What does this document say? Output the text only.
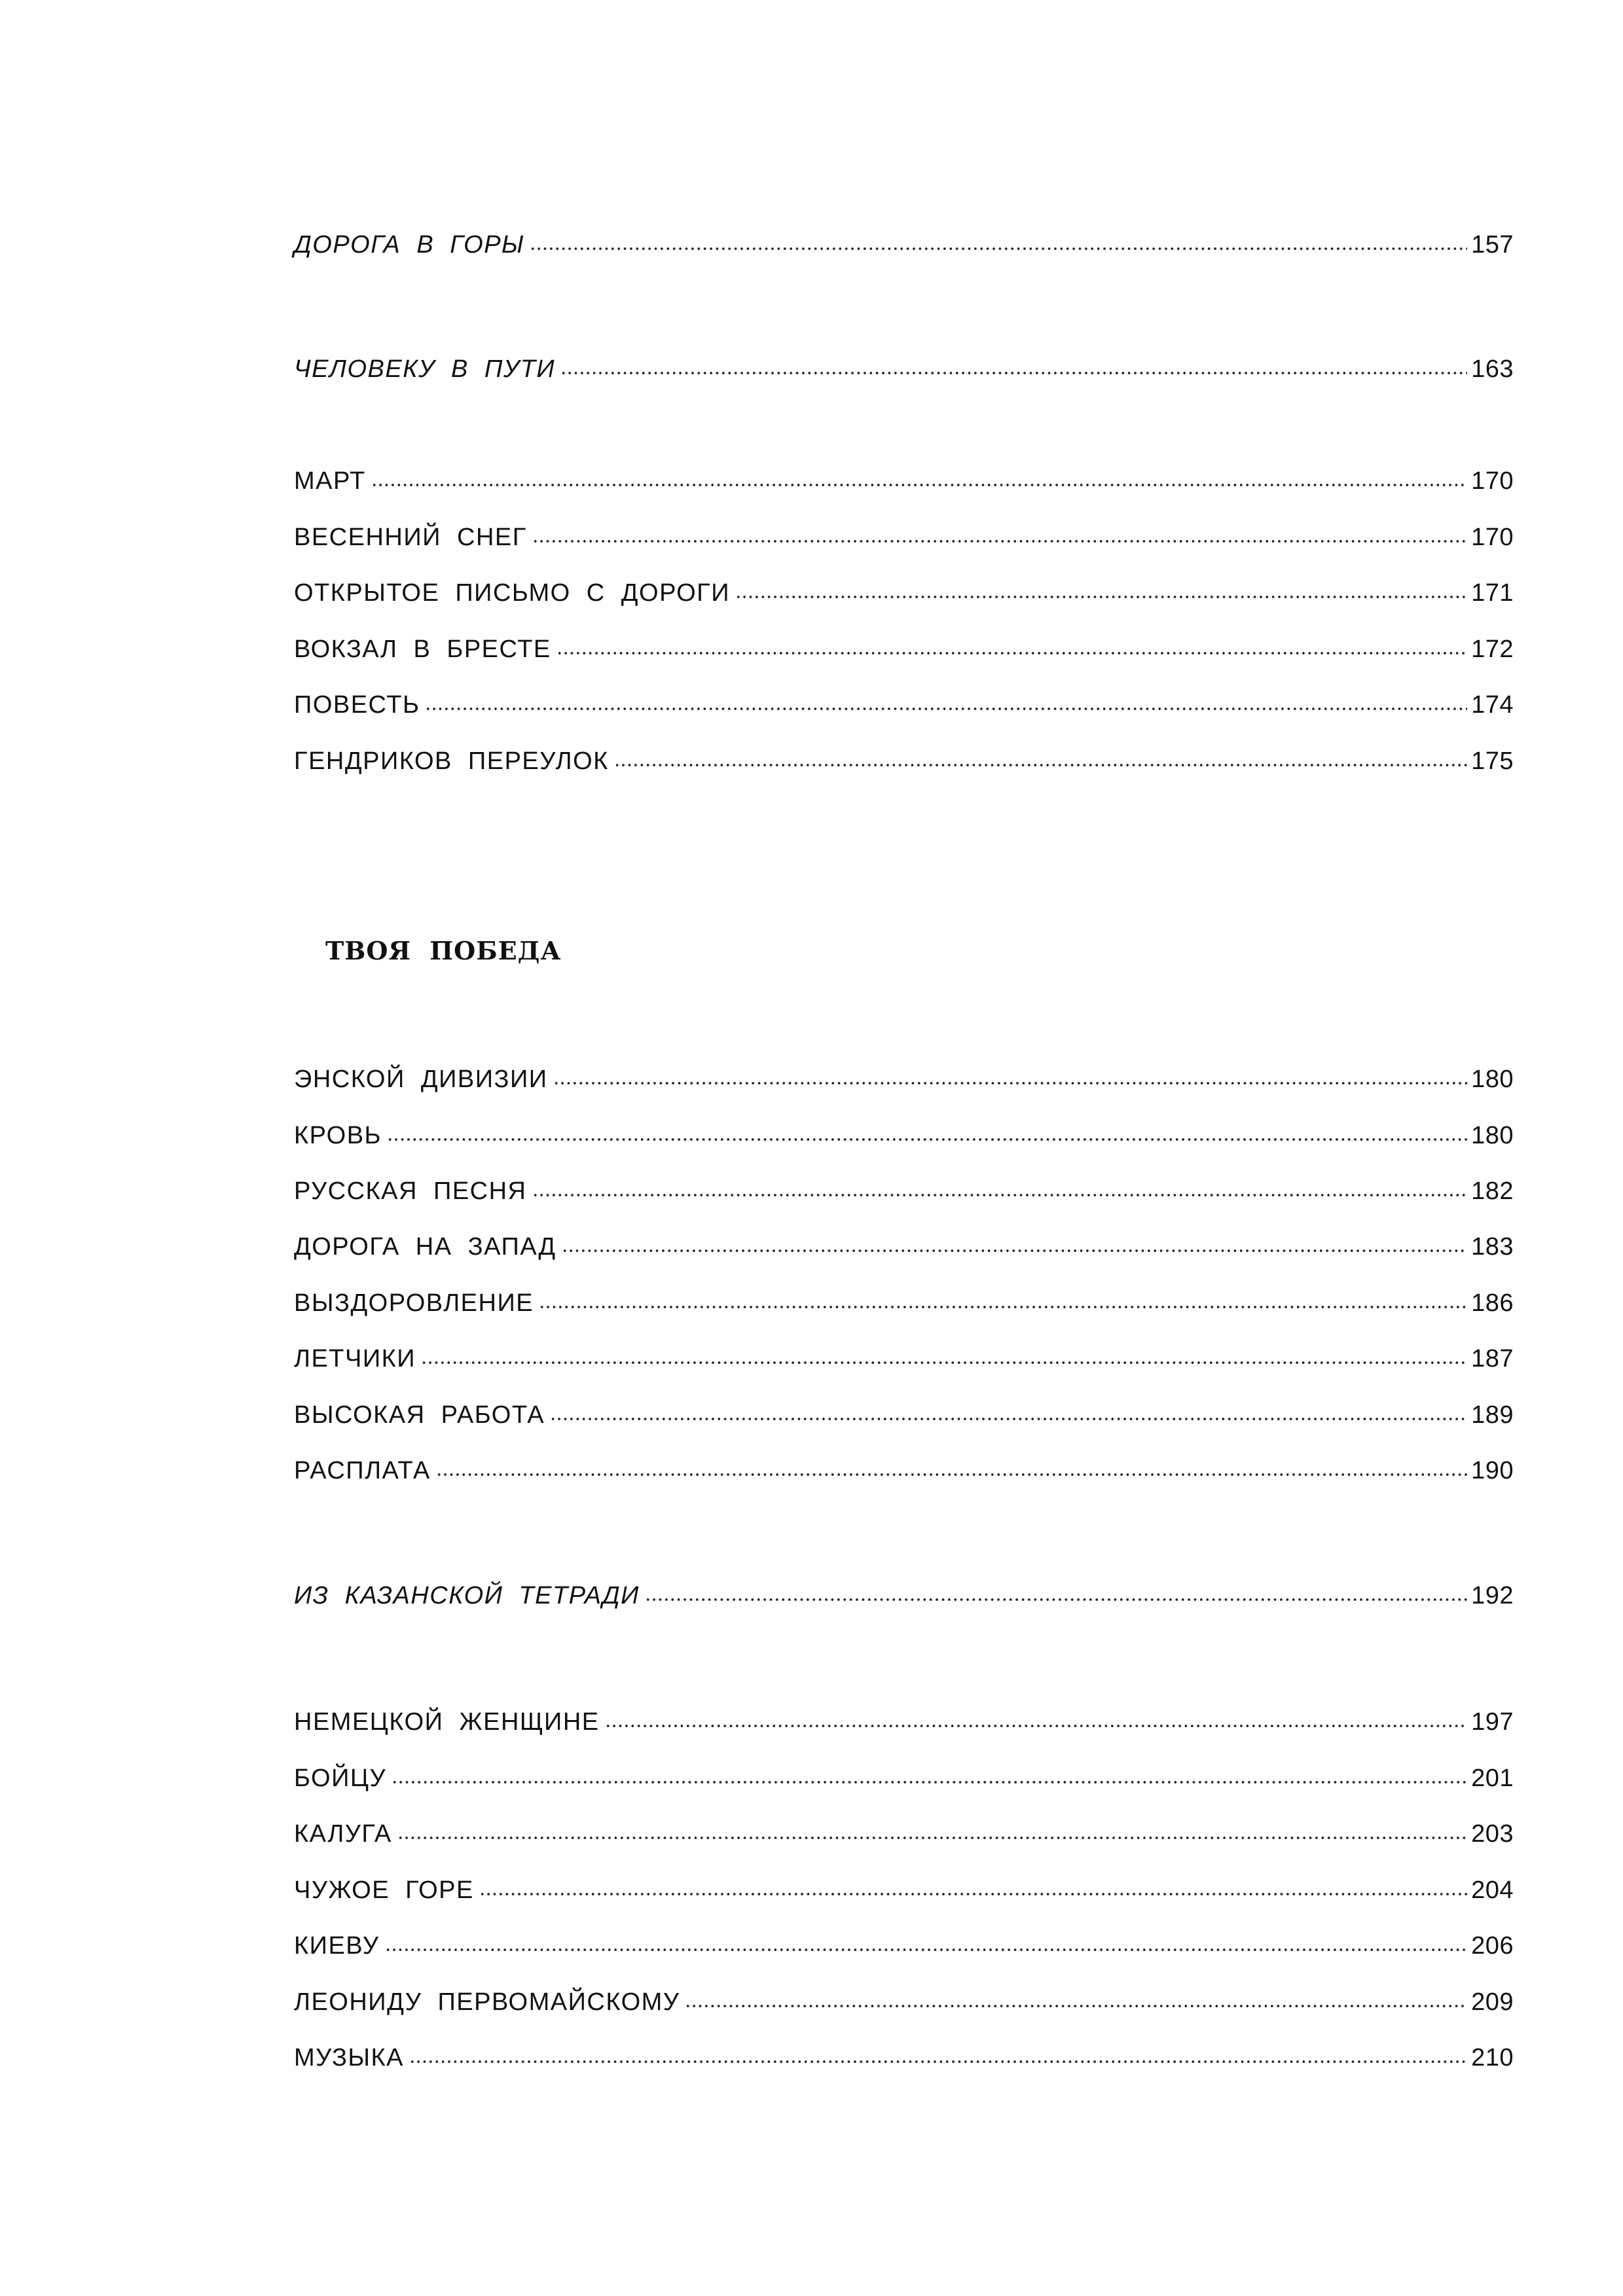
ДОРОГА В ГОРЫ	157
ЧЕЛОВЕКУ В ПУТИ	163
МАРТ	170
ВЕСЕННИЙ СНЕГ	170
ОТКРЫТОЕ ПИСЬМО С ДОРОГИ	171
ВОКЗАЛ В БРЕСТЕ	172
ПОВЕСТЬ	174
ГЕНДРИКОВ ПЕРЕУЛОК	175
ТВОЯ ПОБЕДА
ЭНСКОЙ ДИВИЗИИ	180
КРОВЬ	180
РУССКАЯ ПЕСНЯ	182
ДОРОГА НА ЗАПАД	183
ВЫЗДОРОВЛЕНИЕ	186
ЛЕТЧИКИ	187
ВЫСОКАЯ РАБОТА	189
РАСПЛАТА	190
ИЗ КАЗАНСКОЙ ТЕТРАДИ	192
НЕМЕЦКОЙ ЖЕНЩИНЕ	197
БОЙЦУ	201
КАЛУГА	203
ЧУЖОЕ ГОРЕ	204
КИЕВУ	206
ЛЕОНИДУ ПЕРВОМАЙСКОМУ	209
МУЗЫКА	210
